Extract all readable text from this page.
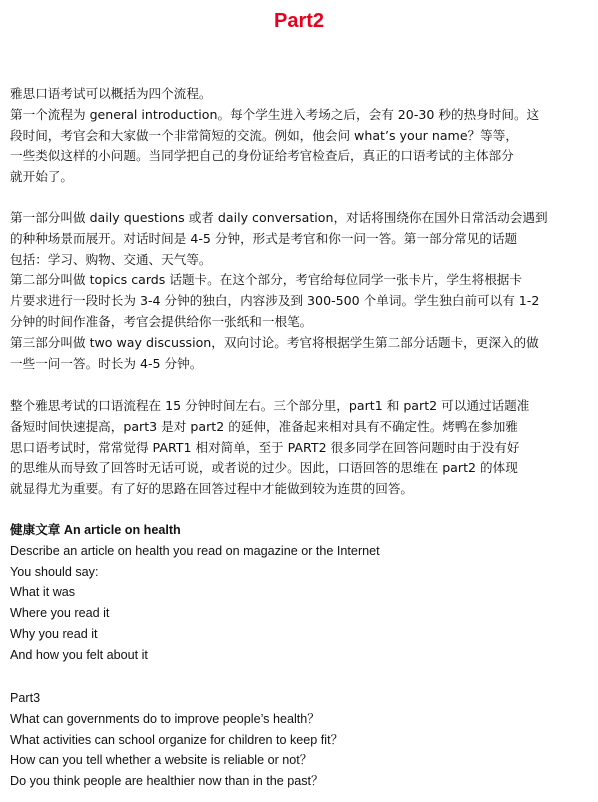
Part2
雅思口语考试可以概括为四个流程。
第一个流程为 general introduction。每个学生进入考场之后，会有 20-30 秒的热身时间。这
段时间，考官会和大家做一个非常简短的交流。例如，他会问 what’s your name？等等，
一些类似这样的小问题。当同学把自己的身份证给考官检查后，真正的口语考试的主体部分
就开始了。
第一部分叫做 daily questions 或者 daily conversation，对话将围绕你在国外日常活动会遇到
的种种场景而展开。对话时间是 4-5 分钟，形式是考官和你一问一答。第一部分常见的话题
包括：学习、购物、交通、天气等。
第二部分叫做 topics cards 话题卡。在这个部分，考官给每位同学一张卡片，学生将根据卡
片要求进行一段时长为 3-4 分钟的独白，内容涉及到 300-500 个单词。学生独白前可以有 1-2
分钟的时间作准备，考官会提供给你一张纸和一根笔。
第三部分叫做 two way discussion，双向讨论。考官将根据学生第二部分话题卡，更深入的做
一些一问一答。时长为 4-5 分钟。
整个雅思考试的口语流程在 15 分钟时间左右。三个部分里，part1 和 part2 可以通过话题准
备短时间快速提高，part3 是对 part2 的延伸，准备起来相对具有不确定性。烤鸭在参加雅
思口语考试时，常常觉得 PART1 相对简单，至于 PART2 很多同学在回答问题时由于没有好
的思维从而导致了回答时无话可说，或者说的过少。因此，口语回答的思维在 part2 的体现
就显得尤为重要。有了好的思路在回答过程中才能做到较为连贯的回答。
健康文章 An article on health
Describe an article on health you read on magazine or the Internet
You should say:
What it was
Where you read it
Why you read it
And how you felt about it
Part3
What can governments do to improve people’s health？
What activities can school organize for children to keep fit？
How can you tell whether a website is reliable or not？
Do you think people are healthier now than in the past？
